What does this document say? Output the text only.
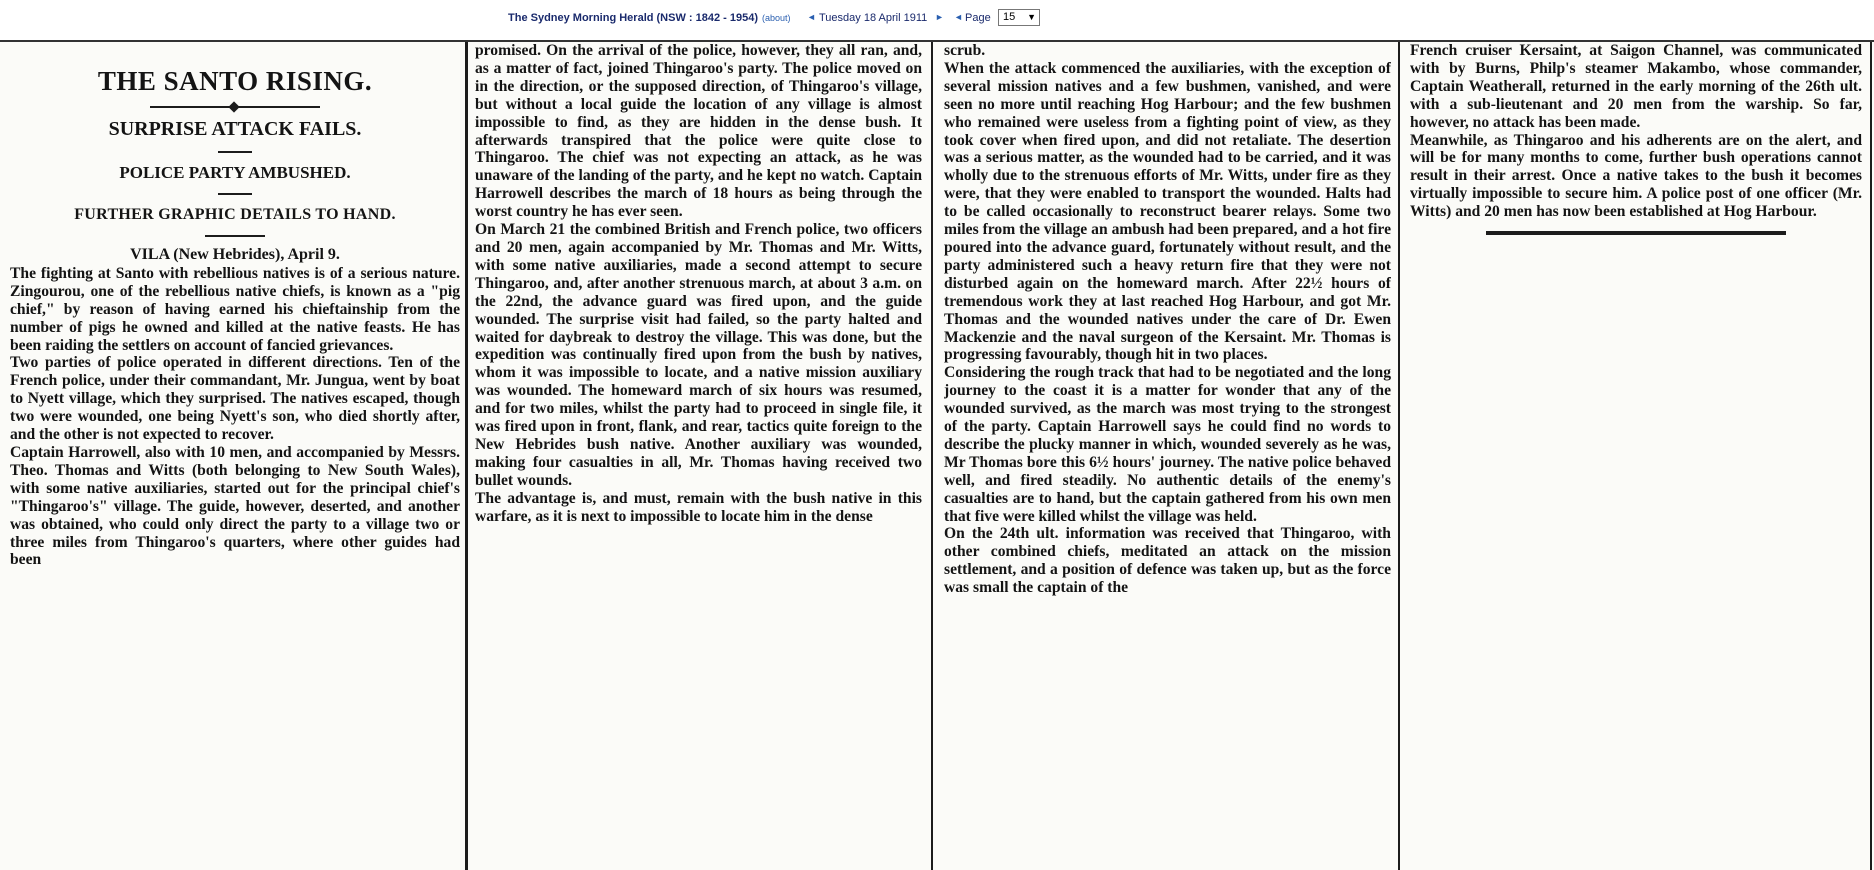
The Sydney Morning Herald (NSW : 1842 - 1954) (about) ◄ Tuesday 18 April 1911 ► ◄ Page	15 ▼
THE SANTO RISING.
SURPRISE ATTACK FAILS.
POLICE PARTY AMBUSHED.
FURTHER GRAPHIC DETAILS TO HAND.
VILA (New Hebrides), April 9.

The fighting at Santo with rebellious natives is of a serious nature. Zingourou, one of the rebellious native chiefs, is known as a "pig chief," by reason of having earned his chieftainship from the number of pigs he owned and killed at the native feasts. He has been raiding the settlers on account of fancied grievances.

Two parties of police operated in different directions. Ten of the French police, under their commandant, Mr. Jungua, went by boat to Nyett village, which they surprised. The natives escaped, though two were wounded, one being Nyett's son, who died shortly after, and the other is not expected to recover.

Captain Harrowell, also with 10 men, and accompanied by Messrs. Theo. Thomas and Witts (both belonging to New South Wales), with some native auxiliaries, started out for the principal chief's "Thingaroo's" village. The guide, however, deserted, and another was obtained, who could only direct the party to a village two or three miles from Thingaroo's quarters, where other guides had been

promised. On the arrival of the police, however, they all ran, and, as a matter of fact, joined Thingaroo's party. The police moved on in the direction, or the supposed direction, of Thingaroo's village, but without a local guide the location of any village is almost impossible to find, as they are hidden in the dense bush. It afterwards transpired that the police were quite close to Thingaroo. The chief was not expecting an attack, as he was unaware of the landing of the party, and he kept no watch. Captain Harrowell describes the march of 18 hours as being through the worst country he has ever seen.

On March 21 the combined British and French police, two officers and 20 men, again accompanied by Mr. Thomas and Mr. Witts, with some native auxiliaries, made a second attempt to secure Thingaroo, and, after another strenuous march, at about 3 a.m. on the 22nd, the advance guard was fired upon, and the guide wounded. The surprise visit had failed, so the party halted and waited for daybreak to destroy the village. This was done, but the expedition was continually fired upon from the bush by natives, whom it was impossible to locate, and a native mission auxiliary was wounded. The homeward march of six hours was resumed, and for two miles, whilst the party had to proceed in single file, it was fired upon in front, flank, and rear, tactics quite foreign to the New Hebrides bush native. Another auxiliary was wounded, making four casualties in all, Mr. Thomas having received two bullet wounds.

The advantage is, and must, remain with the bush native in this warfare, as it is next to impossible to locate him in the dense

scrub.

When the attack commenced the auxiliaries, with the exception of several mission natives and a few bushmen, vanished, and were seen no more until reaching Hog Harbour; and the few bushmen who remained were useless from a fighting point of view, as they took cover when fired upon, and did not retaliate. The desertion was a serious matter, as the wounded had to be carried, and it was wholly due to the strenuous efforts of Mr. Witts, under fire as they were, that they were enabled to transport the wounded. Halts had to be called occasionally to reconstruct bearer relays. Some two miles from the village an ambush had been prepared, and a hot fire poured into the advance guard, fortunately without result, and the party administered such a heavy return fire that they were not disturbed again on the homeward march. After 22½ hours of tremendous work they at last reached Hog Harbour, and got Mr. Thomas and the wounded natives under the care of Dr. Ewen Mackenzie and the naval surgeon of the Kersaint. Mr. Thomas is progressing favourably, though hit in two places.

Considering the rough track that had to be negotiated and the long journey to the coast it is a matter for wonder that any of the wounded survived, as the march was most trying to the strongest of the party. Captain Harrowell says he could find no words to describe the plucky manner in which, wounded severely as he was, Mr Thomas bore this 6½ hours' journey. The native police behaved well, and fired steadily. No authentic details of the enemy's casualties are to hand, but the captain gathered from his own men that five were killed whilst the village was held.

On the 24th ult. information was received that Thingaroo, with other combined chiefs, meditated an attack on the mission settlement, and a position of defence was taken up, but as the force was small the captain of the

French cruiser Kersaint, at Saigon Channel, was communicated with by Burns, Philp's steamer Makambo, whose commander, Captain Weatherall, returned in the early morning of the 26th ult. with a sub-lieutenant and 20 men from the warship. So far, however, no attack has been made.

Meanwhile, as Thingaroo and his adherents are on the alert, and will be for many months to come, further bush operations cannot result in their arrest. Once a native takes to the bush it becomes virtually impossible to secure him. A police post of one officer (Mr. Witts) and 20 men has now been established at Hog Harbour.
